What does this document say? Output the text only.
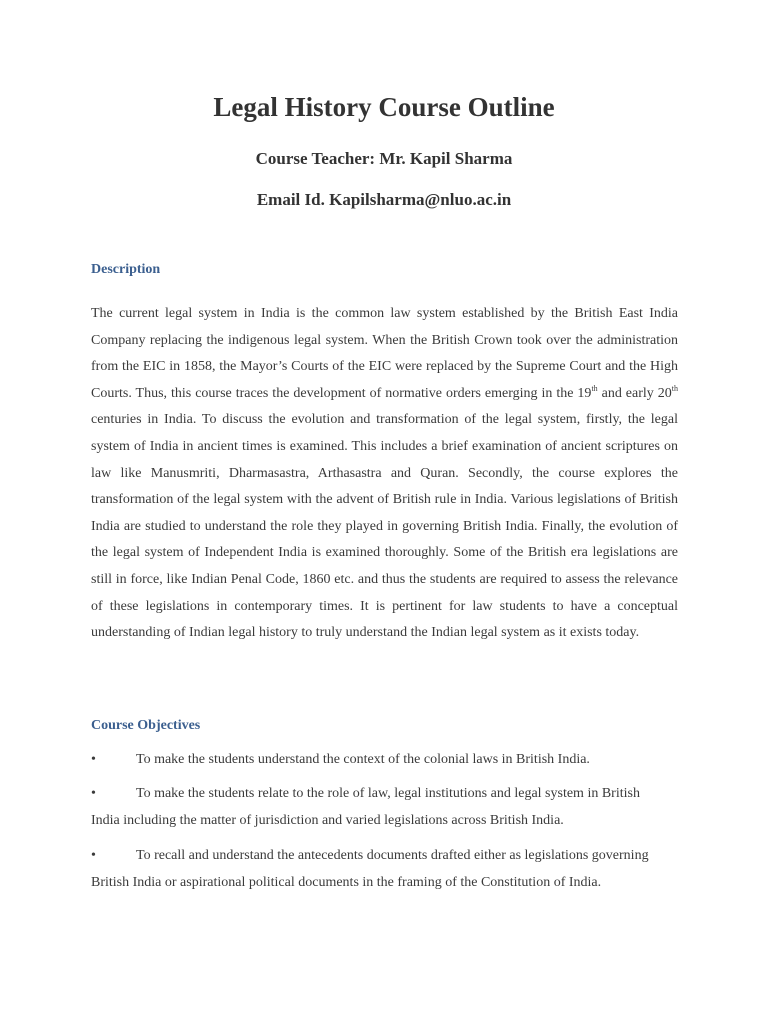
Legal History Course Outline

Course Teacher: Mr. Kapil Sharma

Email Id. Kapilsharma@nluo.ac.in

Description

The current legal system in India is the common law system established by the British East India Company replacing the indigenous legal system. When the British Crown took over the administration from the EIC in 1858, the Mayor’s Courts of the EIC were replaced by the Supreme Court and the High Courts. Thus, this course traces the development of normative orders emerging in the 19th and early 20th centuries in India. To discuss the evolution and transformation of the legal system, firstly, the legal system of India in ancient times is examined. This includes a brief examination of ancient scriptures on law like Manusmriti, Dharmasastra, Arthasastra and Quran. Secondly, the course explores the transformation of the legal system with the advent of British rule in India. Various legislations of British India are studied to understand the role they played in governing British India. Finally, the evolution of the legal system of Independent India is examined thoroughly. Some of the British era legislations are still in force, like Indian Penal Code, 1860 etc. and thus the students are required to assess the relevance of these legislations in contemporary times. It is pertinent for law students to have a conceptual understanding of Indian legal history to truly understand the Indian legal system as it exists today.

Course Objectives

•	To make the students understand the context of the colonial laws in British India.

•	To make the students relate to the role of law, legal institutions and legal system in British India including the matter of jurisdiction and varied legislations across British India.

•	To recall and understand the antecedents documents drafted either as legislations governing British India or aspirational political documents in the framing of the Constitution of India.
